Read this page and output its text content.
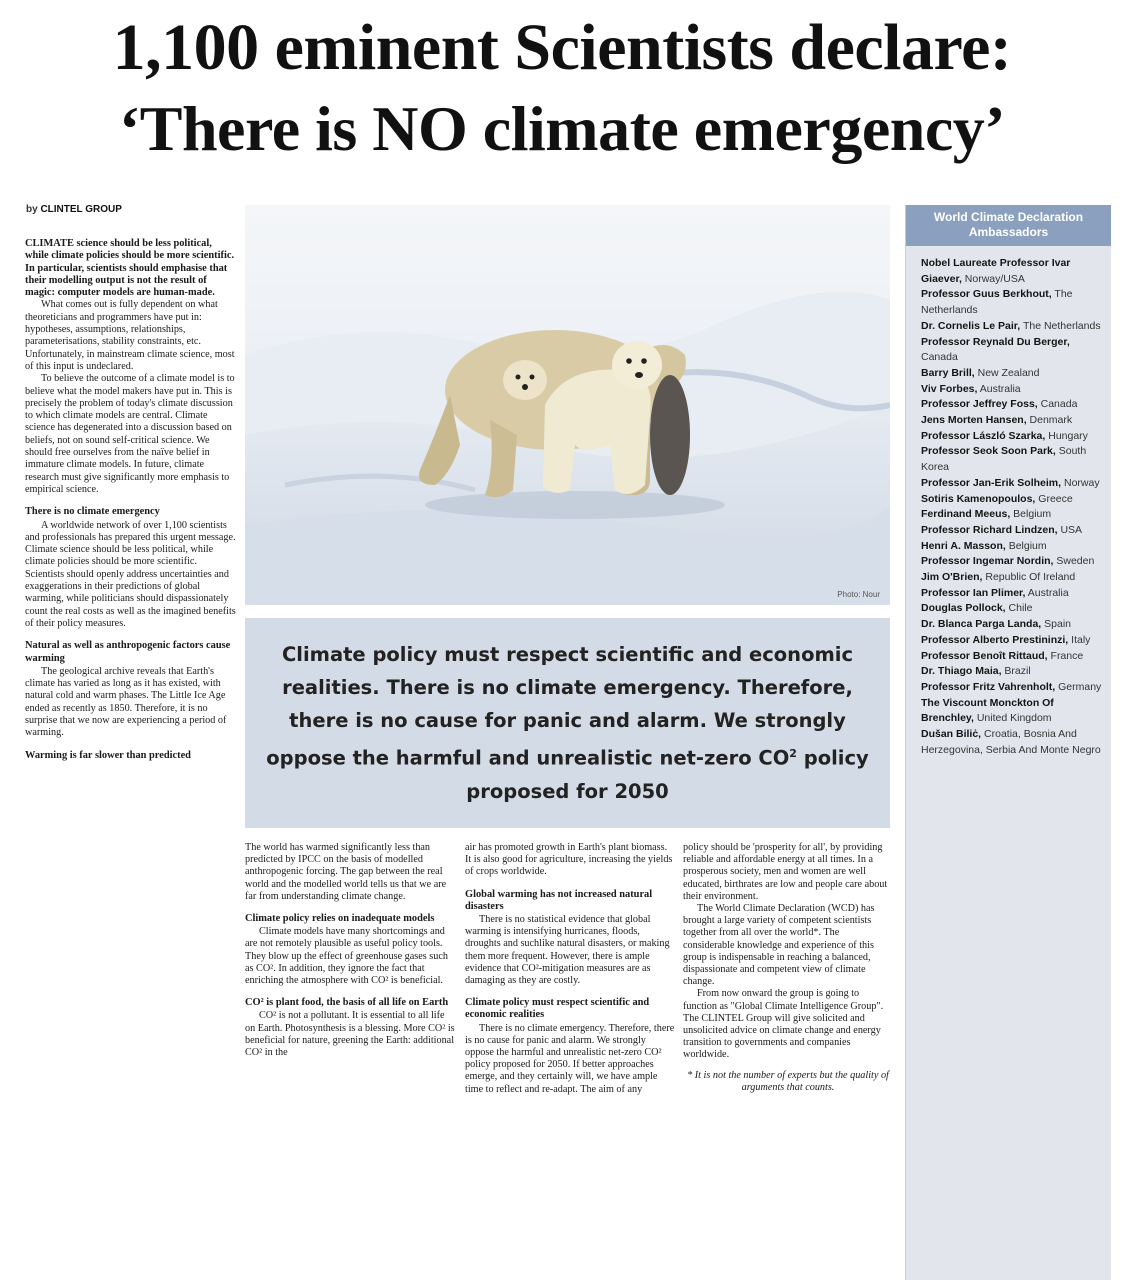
1,100 eminent Scientists declare:
‘There is NO climate emergency’
by CLINTEL GROUP

CLIMATE science should be less political, while climate policies should be more scientific. In particular, scientists should emphasise that their modelling output is not the result of magic: computer models are human-made.

What comes out is fully dependent on what theoreticians and programmers have put in: hypotheses, assumptions, relationships, parameterisations, stability constraints, etc. Unfortunately, in mainstream climate science, most of this input is undeclared.

To believe the outcome of a climate model is to believe what the model makers have put in. This is precisely the problem of today's climate discussion to which climate models are central. Climate science has degenerated into a discussion based on beliefs, not on sound self-critical science. We should free ourselves from the naïve belief in immature climate models. In future, climate research must give significantly more emphasis to empirical science.

There is no climate emergency

A worldwide network of over 1,100 scientists and professionals has prepared this urgent message. Climate science should be less political, while climate policies should be more scientific. Scientists should openly address uncertainties and exaggerations in their predictions of global warming, while politicians should dispassionately count the real costs as well as the imagined benefits of their policy measures.

Natural as well as anthropogenic factors cause warming

The geological archive reveals that Earth's climate has varied as long as it has existed, with natural cold and warm phases. The Little Ice Age ended as recently as 1850. Therefore, it is no surprise that we now are experiencing a period of warming.

Warming is far slower than predicted
Photo: Nour
Climate policy must respect scientific and economic realities. There is no climate emergency. Therefore, there is no cause for panic and alarm. We strongly oppose the harmful and unrealistic net-zero $CO^2$ policy proposed for 2050

The world has warmed significantly less than predicted by IPCC on the basis of modelled anthropogenic forcing. The gap between the real world and the modelled world tells us that we are far from understanding climate change.

Climate policy relies on inadequate models

Climate models have many shortcomings and are not remotely plausible as useful policy tools. They blow up the effect of greenhouse gases such as CO². In addition, they ignore the fact that enriching the atmosphere with CO² is beneficial.

CO² is plant food, the basis of all life on Earth

CO² is not a pollutant. It is essential to all life on Earth. Photosynthesis is a blessing. More CO² is beneficial for nature, greening the Earth: additional CO² in the

air has promoted growth in Earth's plant biomass. It is also good for agriculture, increasing the yields of crops worldwide.

Global warming has not increased natural disasters

There is no statistical evidence that global warming is intensifying hurricanes, floods, droughts and suchlike natural disasters, or making them more frequent. However, there is ample evidence that CO²-mitigation measures are as damaging as they are costly.

Climate policy must respect scientific and economic realities

There is no climate emergency. Therefore, there is no cause for panic and alarm. We strongly oppose the harmful and unrealistic net-zero CO² policy proposed for 2050. If better approaches emerge, and they certainly will, we have ample time to reflect and re-adapt. The aim of any

policy should be 'prosperity for all', by providing reliable and affordable energy at all times. In a prosperous society, men and women are well educated, birthrates are low and people care about their environment.

The World Climate Declaration (WCD) has brought a large variety of competent scientists together from all over the world*. The considerable knowledge and experience of this group is indispensable in reaching a balanced, dispassionate and competent view of climate change.

From now onward the group is going to function as "Global Climate Intelligence Group". The CLINTEL Group will give solicited and unsolicited advice on climate change and energy transition to governments and companies worldwide.

* It is not the number of experts but the quality of arguments that counts.

World Climate Declaration Ambassadors
Nobel Laureate Professor Ivar Giaever, Norway/USA
Professor Guus Berkhout, The Netherlands
Dr. Cornelis Le Pair, The Netherlands
Professor Reynald Du Berger, Canada
Barry Brill, New Zealand
Viv Forbes, Australia
Professor Jeffrey Foss, Canada
Jens Morten Hansen, Denmark
Professor László Szarka, Hungary
Professor Seok Soon Park, South Korea
Professor Jan-Erik Solheim, Norway
Sotiris Kamenopoulos, Greece
Ferdinand Meeus, Belgium
Professor Richard Lindzen, USA
Henri A. Masson, Belgium
Professor Ingemar Nordin, Sweden
Jim O'Brien, Republic Of Ireland
Professor Ian Plimer, Australia
Douglas Pollock, Chile
Dr. Blanca Parga Landa, Spain
Professor Alberto Prestininzi, Italy
Professor Benoît Rittaud, France
Dr. Thiago Maia, Brazil
Professor Fritz Vahrenholt, Germany
The Viscount Monckton Of Brenchley, United Kingdom
Dušan Biliċ, Croatia, Bosnia And Herzegovina, Serbia And Monte Negro
